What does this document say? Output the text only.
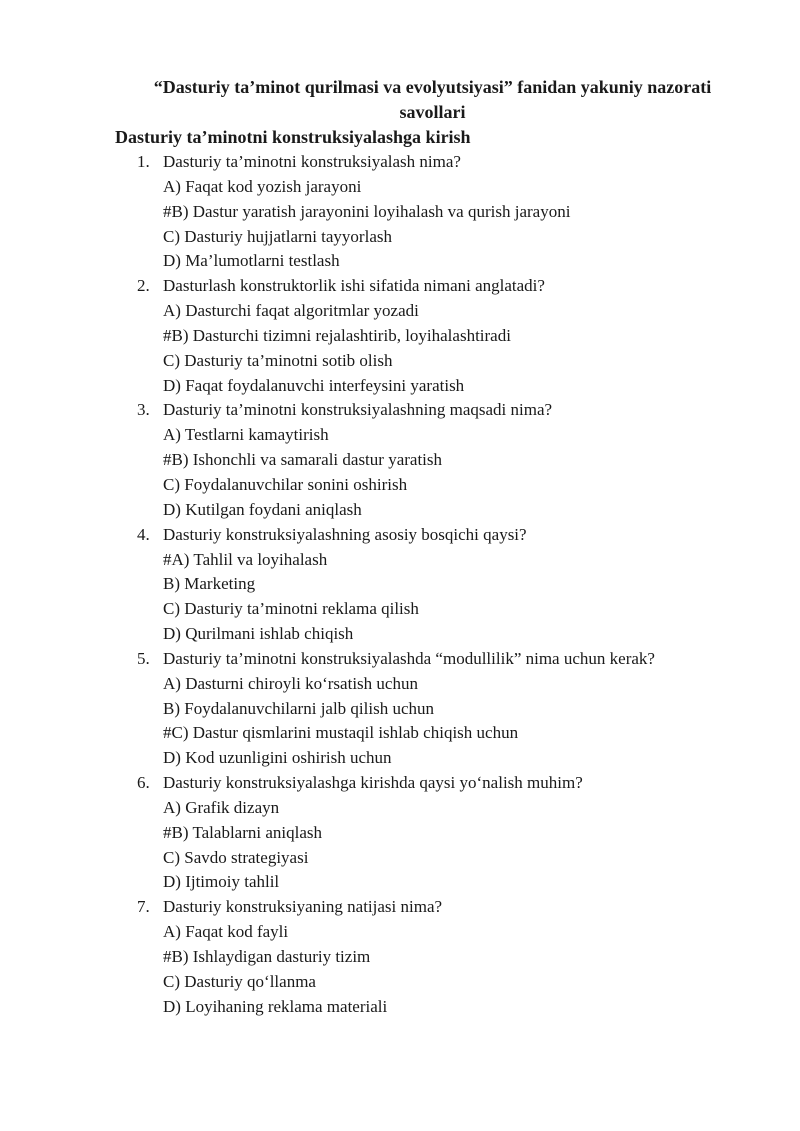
“Dasturiy ta’minot qurilmasi va evolyutsiyasi” fanidan yakuniy nazorati savollari
Dasturiy ta’minotni konstruksiyalashga kirish
1. Dasturiy ta’minotni konstruksiyalash nima?
A) Faqat kod yozish jarayoni
#B) Dastur yaratish jarayonini loyihalash va qurish jarayoni
C) Dasturiy hujjatlarni tayyorlash
D) Ma’lumotlarni testlash
2. Dasturlash konstruktorlik ishi sifatida nimani anglatadi?
A) Dasturchi faqat algoritmlar yozadi
#B) Dasturchi tizimni rejalashtirib, loyihalashtiradi
C) Dasturiy ta’minotni sotib olish
D) Faqat foydalanuvchi interfeysini yaratish
3. Dasturiy ta’minotni konstruksiyalashning maqsadi nima?
A) Testlarni kamaytirish
#B) Ishonchli va samarali dastur yaratish
C) Foydalanuvchilar sonini oshirish
D) Kutilgan foydani aniqlash
4. Dasturiy konstruksiyalashning asosiy bosqichi qaysi?
#A) Tahlil va loyihalash
B) Marketing
C) Dasturiy ta’minotni reklama qilish
D) Qurilmani ishlab chiqish
5. Dasturiy ta’minotni konstruksiyalashda “modullilik” nima uchun kerak?
A) Dasturni chiroyli ko‘rsatish uchun
B) Foydalanuvchilarni jalb qilish uchun
#C) Dastur qismlarini mustaqil ishlab chiqish uchun
D) Kod uzunligini oshirish uchun
6. Dasturiy konstruksiyalashga kirishda qaysi yo‘nalish muhim?
A) Grafik dizayn
#B) Talablarni aniqlash
C) Savdo strategiyasi
D) Ijtimoiy tahlil
7. Dasturiy konstruksiyaning natijasi nima?
A) Faqat kod fayli
#B) Ishlaydigan dasturiy tizim
C) Dasturiy qo‘llanma
D) Loyihaning reklama materiali
